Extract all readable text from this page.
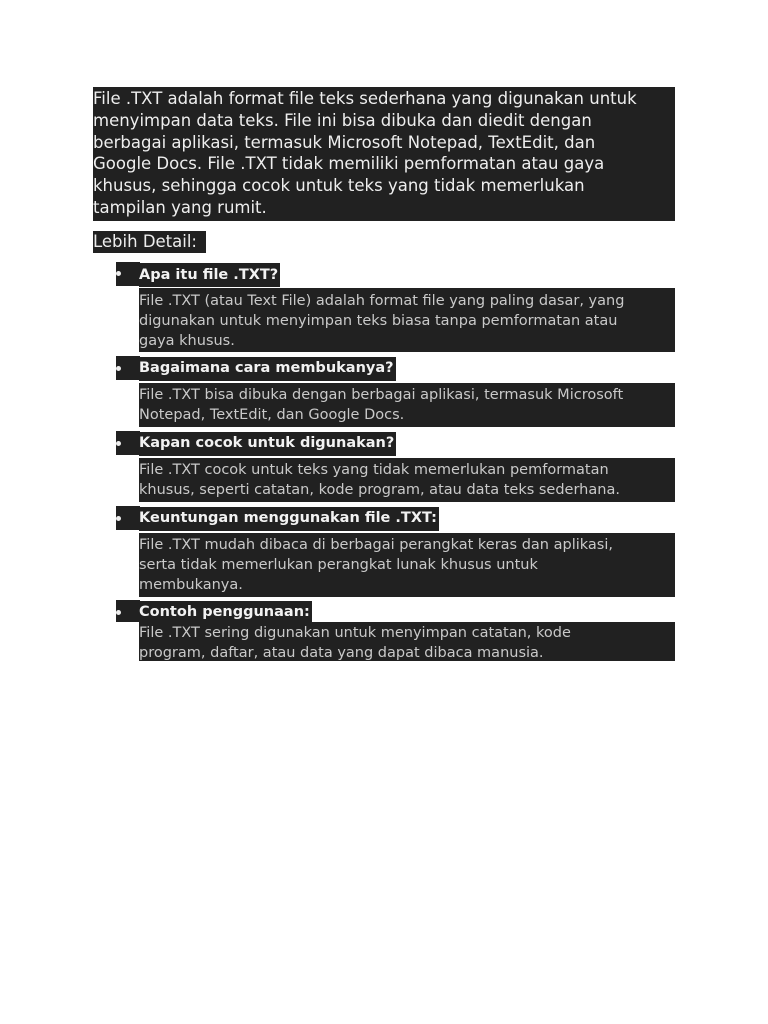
File .TXT adalah format file teks sederhana yang digunakan untuk
menyimpan data teks. File ini bisa dibuka dan diedit dengan
berbagai aplikasi, termasuk Microsoft Notepad, TextEdit, dan
Google Docs. File .TXT tidak memiliki pemformatan atau gaya
khusus, sehingga cocok untuk teks yang tidak memerlukan
tampilan yang rumit.
Lebih Detail:
Apa itu file .TXT?
File .TXT (atau Text File) adalah format file yang paling dasar, yang
digunakan untuk menyimpan teks biasa tanpa pemformatan atau
gaya khusus.
Bagaimana cara membukanya?
File .TXT bisa dibuka dengan berbagai aplikasi, termasuk Microsoft
Notepad, TextEdit, dan Google Docs.
Kapan cocok untuk digunakan?
File .TXT cocok untuk teks yang tidak memerlukan pemformatan
khusus, seperti catatan, kode program, atau data teks sederhana.
Keuntungan menggunakan file .TXT:
File .TXT mudah dibaca di berbagai perangkat keras dan aplikasi,
serta tidak memerlukan perangkat lunak khusus untuk
membukanya.
Contoh penggunaan:
File .TXT sering digunakan untuk menyimpan catatan, kode
program, daftar, atau data yang dapat dibaca manusia.
